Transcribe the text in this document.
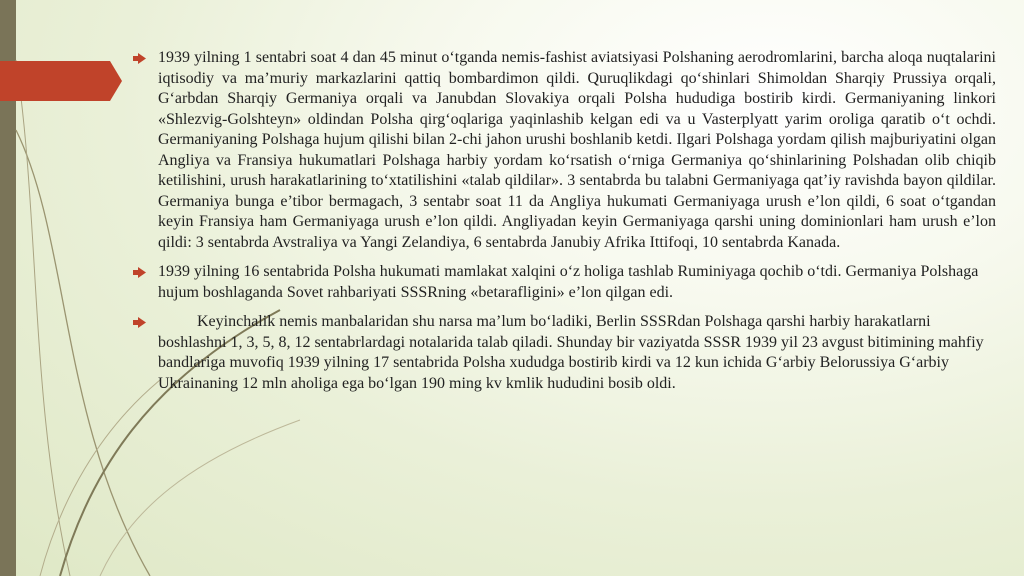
1939 yilning 1 sentabri soat 4 dan 45 minut o‘tganda nemis-fashist aviatsiyasi Polshaning aerodromlarini, barcha aloqa nuqtalarini iqtisodiy va ma’muriy markazlarini qattiq bombardimon qildi. Quruqlikdagi qo‘shinlari Shimoldan Sharqiy Prussiya orqali, G‘arbdan Sharqiy Germaniya orqali va Janubdan Slovakiya orqali Polsha hududiga bostirib kirdi. Germaniyaning linkori «Shlezvig-Golshteyn» oldindan Polsha qirg‘oqlariga yaqinlashib kelgan edi va u Vasterplyatt yarim oroliga qaratib o‘t ochdi. Germaniyaning Polshaga hujum qilishi bilan 2-chi jahon urushi boshlanib ketdi. Ilgari Polshaga yordam qilish majburiyatini olgan Angliya va Fransiya hukumatlari Polshaga harbiy yordam ko‘rsatish o‘rniga Germaniya qo‘shinlarining Polshadan olib chiqib ketilishini, urush harakatlarining to‘xtatilishini «talab qildilar». 3 sentabrda bu talabni Germaniyaga qat’iy ravishda bayon qildilar. Germaniya bunga e’tibor bermagach, 3 sentabr soat 11 da Angliya hukumati Germaniyaga urush e’lon qildi, 6 soat o‘tgandan keyin Fransiya ham Germaniyaga urush e’lon qildi. Angliyadan keyin Germaniyaga qarshi uning dominionlari ham urush e’lon qildi: 3 sentabrda Avstraliya va Yangi Zelandiya, 6 sentabrda Janubiy Afrika Ittifoqi, 10 sentabrda Kanada.
1939 yilning 16 sentabrida Polsha hukumati mamlakat xalqini o‘z holiga tashlab Ruminiyaga qochib o‘tdi. Germaniya Polshaga hujum boshlaganda Sovet rahbariyati SSSRning «betarafligini» e’lon qilgan edi.
Keyinchalik nemis manbalaridan shu narsa ma’lum bo‘ladiki, Berlin SSSRdan Polshaga qarshi harbiy harakatlarni boshlashni 1, 3, 5, 8, 12 sentabrlardagi notalarida talab qiladi. Shunday bir vaziyatda SSSR 1939 yil 23 avgust bitimining mahfiy bandlariga muvofiq 1939 yilning 17 sentabrida Polsha xududga bostirib kirdi va 12 kun ichida G‘arbiy Belorussiya G‘arbiy Ukrainaning 12 mln aholiga ega bo‘lgan 190 ming kv kmlik hududini bosib oldi.
